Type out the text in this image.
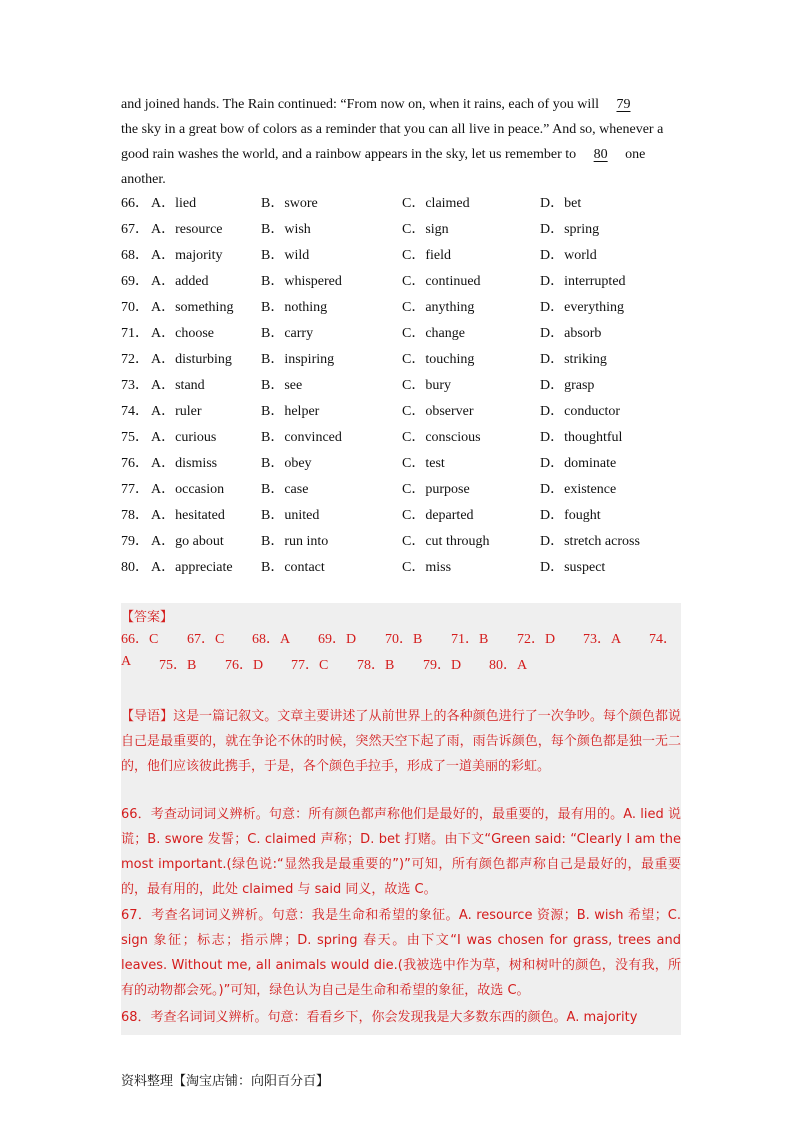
and joined hands. The Rain continued: “From now on, when it rains, each of you will 79
the sky in a great bow of colors as a reminder that you can all live in peace.” And so, whenever a
good rain washes the world, and a rainbow appears in the sky, let us remember to 80 one
another.
66． A．lied	B．swore	C．claimed	D．bet
67． A．resource	B．wish	C．sign	D．spring
68． A．majority	B．wild	C．field	D．world
69． A．added	B．whispered	C．continued	D．interrupted
70． A．something B．nothing	C．anything	D．everything
71． A．choose	B．carry	C．change	D．absorb
72． A．disturbing B．inspiring	C．touching	D．striking
73． A．stand	B．see	C．bury	D．grasp
74． A．ruler	B．helper	C．observer	D．conductor
75． A．curious	B．convinced	C．conscious	D．thoughtful
76． A．dismiss	B．obey	C．test	D．dominate
77． A．occasion	B．case	C．purpose	D．existence
78． A．hesitated	B．united	C．departed	D．fought
79． A．go about	B．run into	C．cut through	D．stretch across
80． A．appreciate B．contact	C．miss	D．suspect
【答案】
66．C 67．C 68．A 69．D 70．B 71．B 72．D 73．A 74．
A 75．B 76．D 77．C 78．B 79．D 80．A
【导语】这是一篇记叙文。文章主要讲述了从前世界上的各种颜色进行了一次争吵。每个颜色都说自己是最重要的，就在争论不休的时候，突然天空下起了雨，雨告诉颜色，每个颜色都是独一无二的，他们应该彼此携手，于是，各个颜色手拉手，形成了一道美丽的彩虹。
66．考查动词词义辨析。句意：所有颜色都声称他们是最好的，最重要的，最有用的。A. lied 说谎；B. swore 发誓；C. claimed 声称；D. bet 打赌。由下文“Green said: “Clearly I am the most important.(绿色说:“显然我是最重要的”)”可知，所有颜色都声称自己是最好的，最重要的，最有用的，此处 claimed 与 said 同义，故选 C。
67．考查名词词义辨析。句意：我是生命和希望的象征。A. resource 资源；B. wish 希望；C. sign 象征；标志；指示牌；D. spring 春天。由下文“I was chosen for grass, trees and leaves. Without me, all animals would die.(我被选中作为草，树和树叶的颜色，没有我，所有的动物都会死。)”可知，绿色认为自己是生命和希望的象征，故选 C。
68．考查名词词义辨析。句意：看看乡下，你会发现我是大多数东西的颜色。A. majority
资料整理【淘宝店铺：向阳百分百】
